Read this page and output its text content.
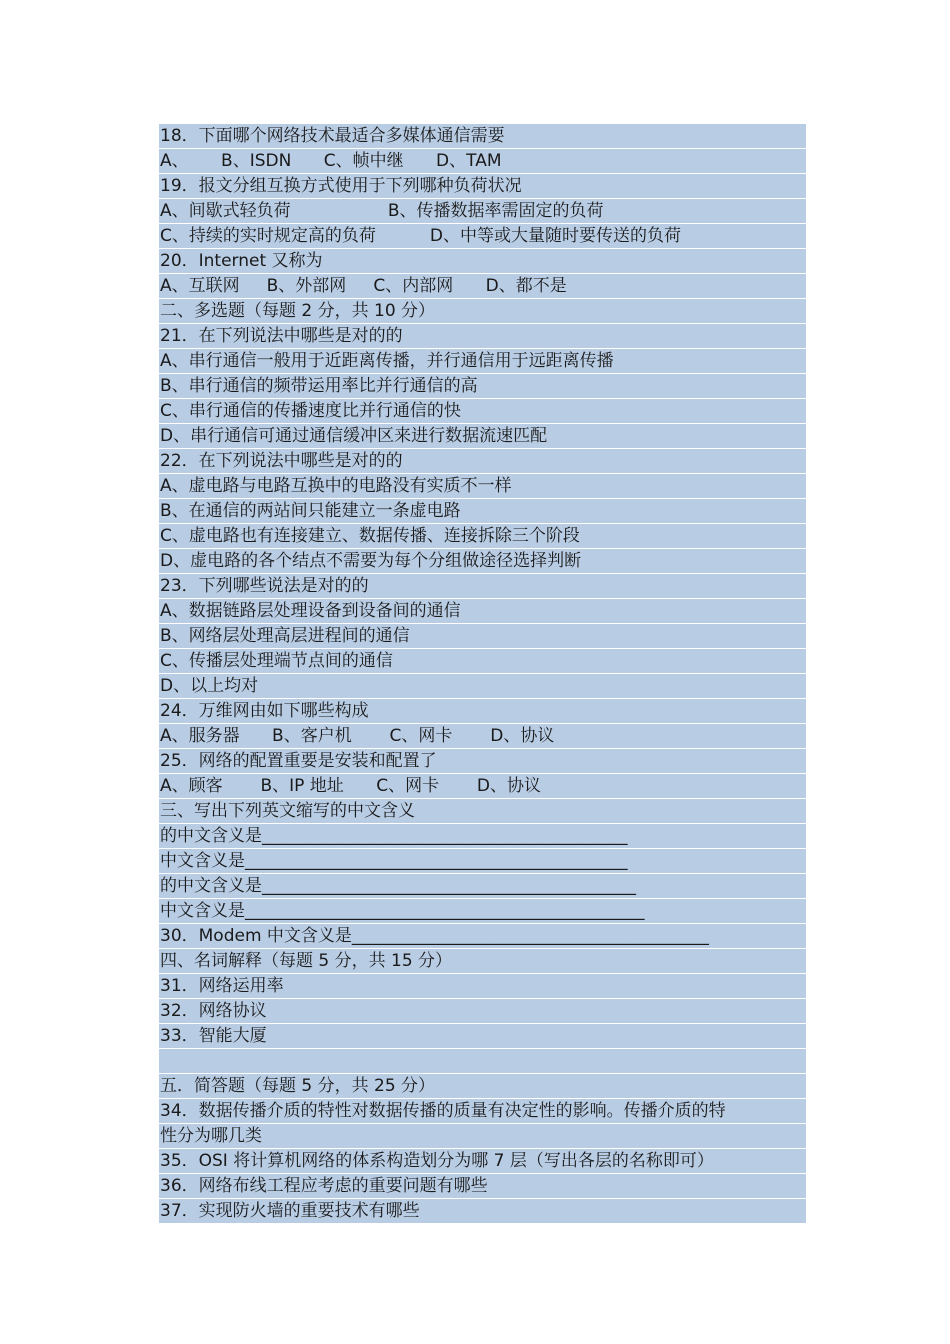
18．下面哪个网络技术最适合多媒体通信需要
A、      B、ISDN      C、帧中继      D、TAM
19．报文分组互换方式使用于下列哪种负荷状况
A、间歇式轻负荷                  B、传播数据率需固定的负荷
C、持续的实时规定高的负荷          D、中等或大量随时要传送的负荷
20．Internet 又称为
A、互联网     B、外部网     C、内部网      D、都不是
二、多选题（每题 2 分，共 10 分）
21．在下列说法中哪些是对的的
A、串行通信一般用于近距离传播，并行通信用于远距离传播
B、串行通信的频带运用率比并行通信的高
C、串行通信的传播速度比并行通信的快
D、串行通信可通过通信缓冲区来进行数据流速匹配
22．在下列说法中哪些是对的的
A、虚电路与电路互换中的电路没有实质不一样
B、在通信的两站间只能建立一条虚电路
C、虚电路也有连接建立、数据传播、连接拆除三个阶段
D、虚电路的各个结点不需要为每个分组做途径选择判断
23．下列哪些说法是对的的
A、数据链路层处理设备到设备间的通信
B、网络层处理高层进程间的通信
C、传播层处理端节点间的通信
D、以上均对
24．万维网由如下哪些构成
A、服务器      B、客户机       C、网卡       D、协议
25．网络的配置重要是安装和配置了
A、顾客       B、IP 地址      C、网卡       D、协议
三、写出下列英文缩写的中文含义
的中文含义是___________________________________________
中文含义是_____________________________________________
的中文含义是____________________________________________
中文含义是_______________________________________________
30．Modem 中文含义是__________________________________________
四、名词解释（每题 5 分，共 15 分）
31．网络运用率
32．网络协议
33．智能大厦
五．简答题（每题 5 分，共 25 分）
34．数据传播介质的特性对数据传播的质量有决定性的影响。传播介质的特
性分为哪几类
35．OSI 将计算机网络的体系构造划分为哪 7 层（写出各层的名称即可）
36．网络布线工程应考虑的重要问题有哪些
37．实现防火墙的重要技术有哪些
